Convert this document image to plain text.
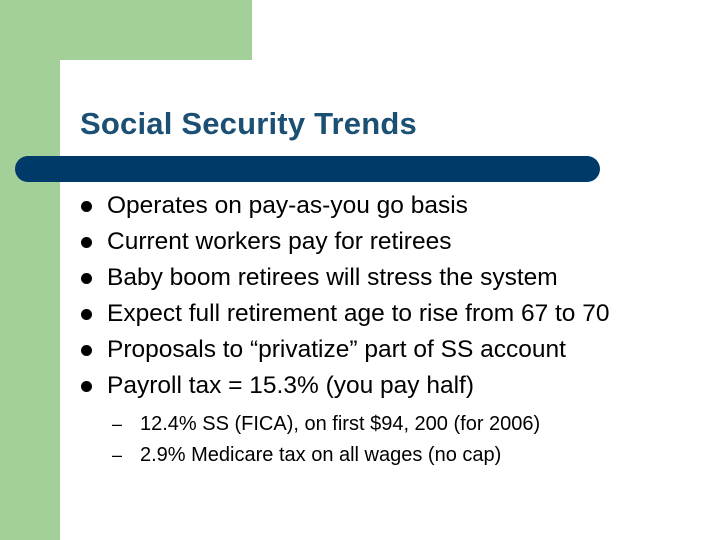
Social Security Trends
Operates on pay-as-you go basis
Current workers pay for retirees
Baby boom retirees will stress the system
Expect full retirement age to rise from 67 to 70
Proposals to “privatize” part of SS account
Payroll tax = 15.3% (you pay half)
– 12.4% SS (FICA), on first $94, 200 (for 2006)
– 2.9% Medicare tax on all wages (no cap)
